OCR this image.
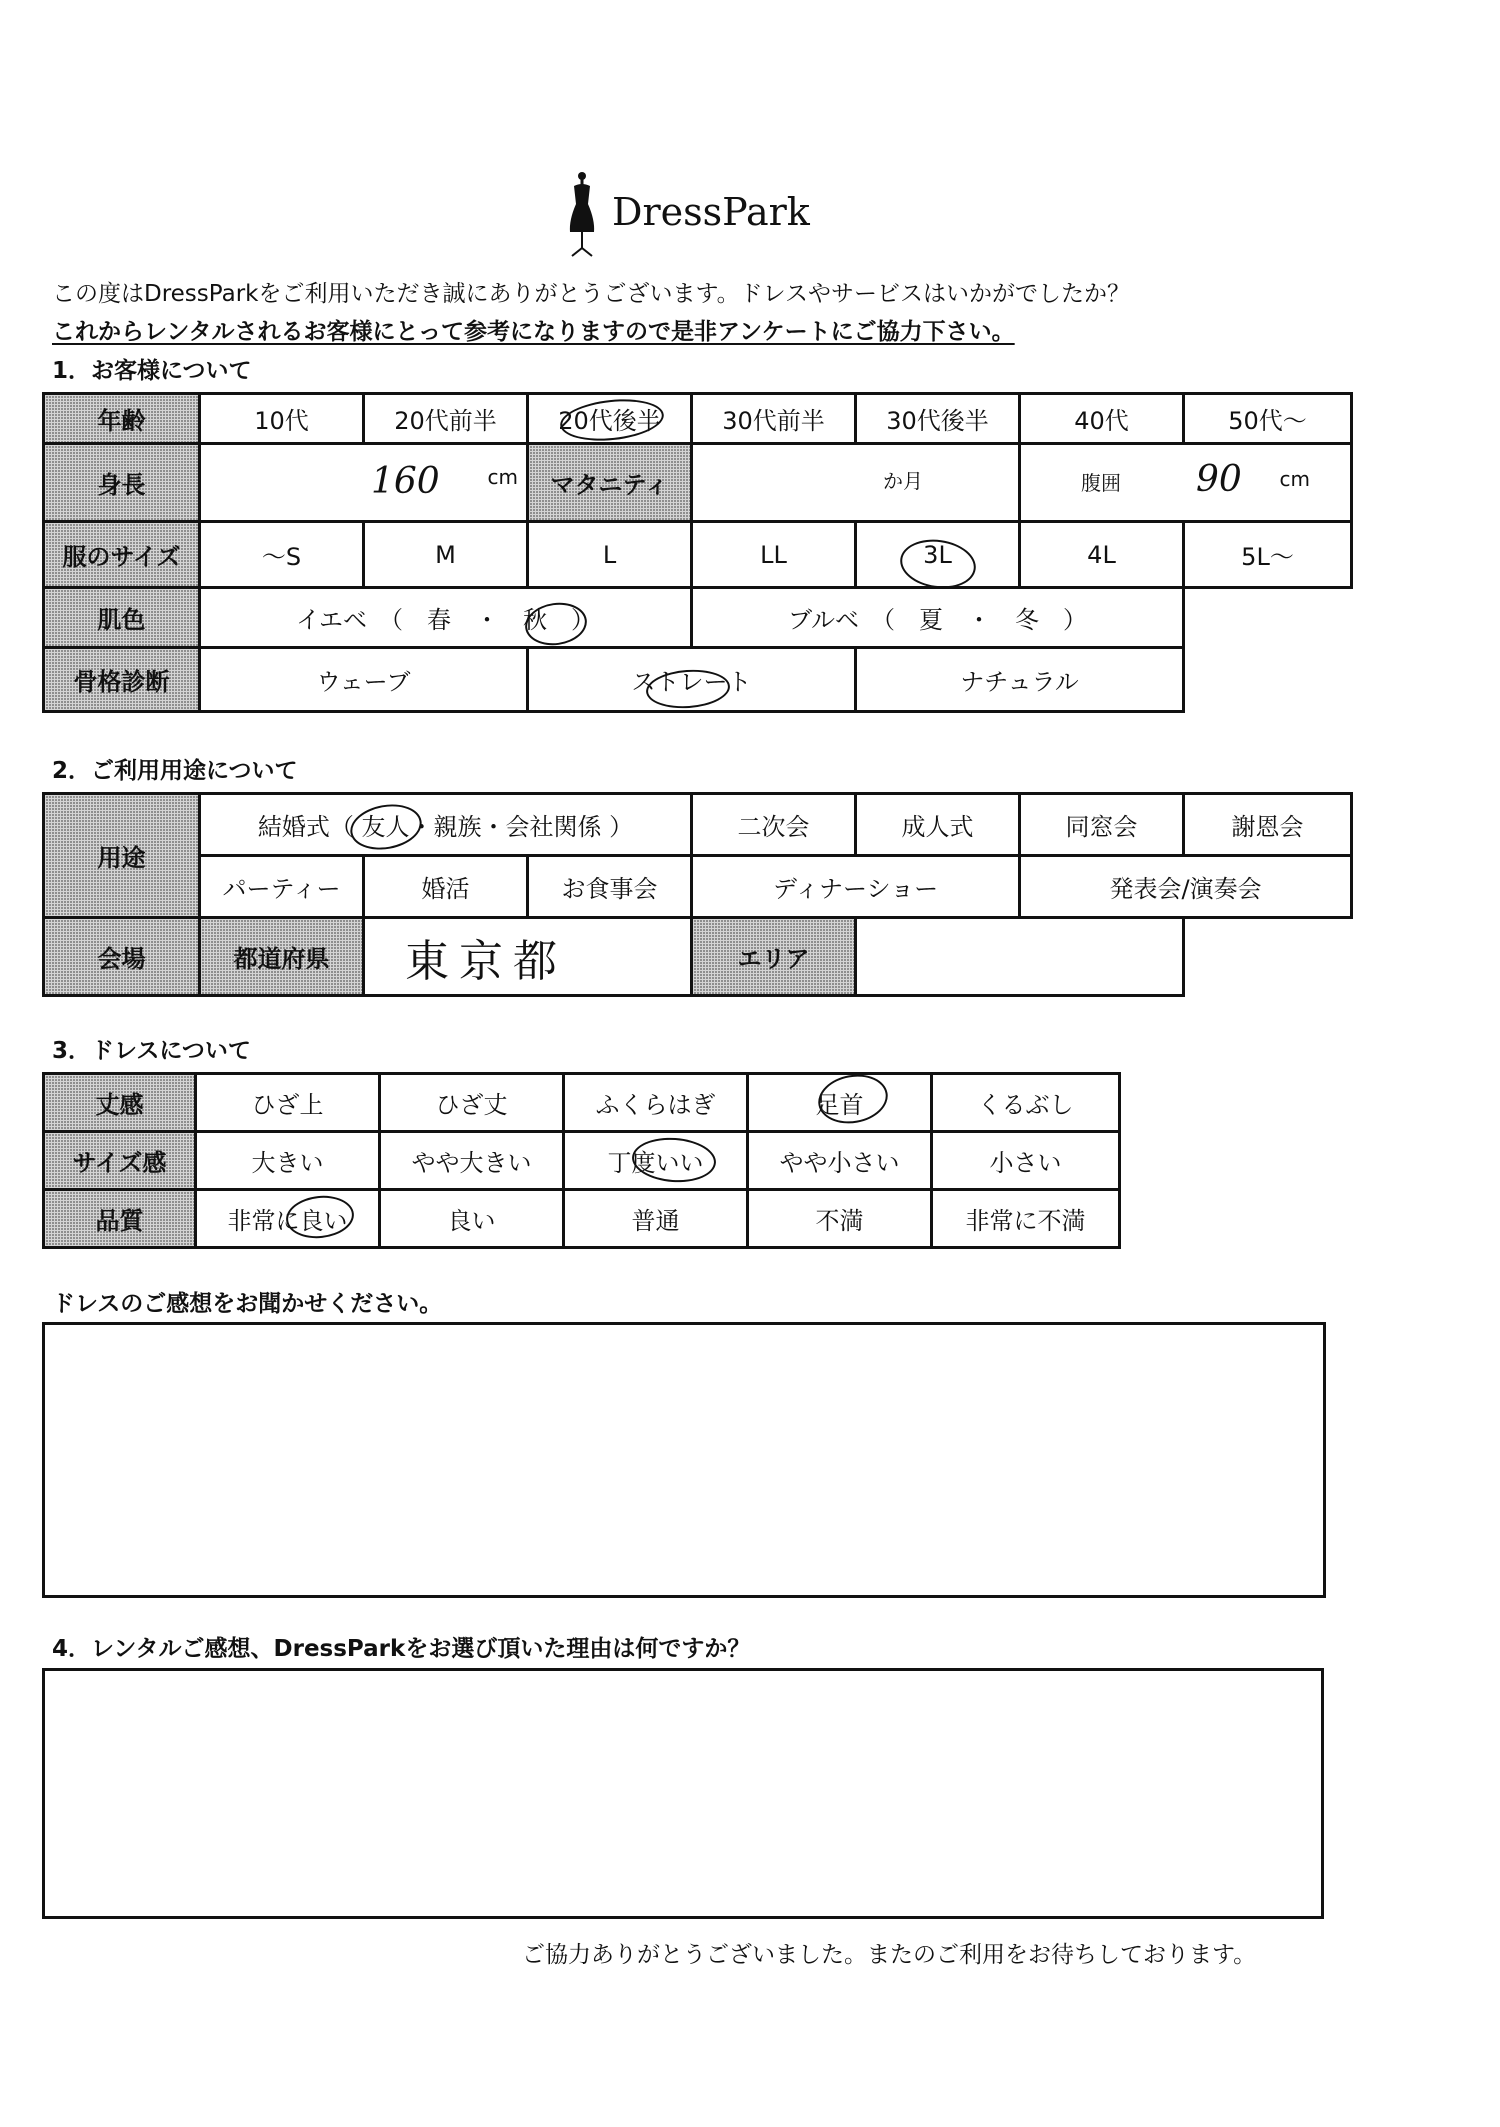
DressPark
この度はDressParkをご利用いただき誠にありがとうございます。ドレスやサービスはいかがでしたか？
これからレンタルされるお客様にとって参考になりますので是非アンケートにご協力下さい。
1．お客様について
年齢	10代	20代前半	20代後半	30代前半	30代後半	40代	50代～
身長	160 cm		マタニティ	か月		腹囲 90 cm	

服のサイズ	～S	M	L	LL	3L	4L	5L～
肌色	イエベ　（　春　・　秋　）			ブルベ　（　夏　・　冬　）			
骨格診断	ウェーブ		ストレート		ナチュラル		
2．ご利用用途について
用途	結婚式（ 友人・親族・会社関係 ）			二次会	成人式	同窓会	謝恩会
	パーティー	婚活	お食事会	ディナーショー		発表会/演奏会	
会場	都道府県	東京都		エリア			
3．ドレスについて
丈感	ひざ上	ひざ丈	ふくらはぎ	足首	くるぶし
サイズ感	大きい	やや大きい	丁度いい	やや小さい	小さい
品質	非常に良い	良い	普通	不満	非常に不満
ドレスのご感想をお聞かせください。
4．レンタルご感想、DressParkをお選び頂いた理由は何ですか？
ご協力ありがとうございました。またのご利用をお待ちしております。
